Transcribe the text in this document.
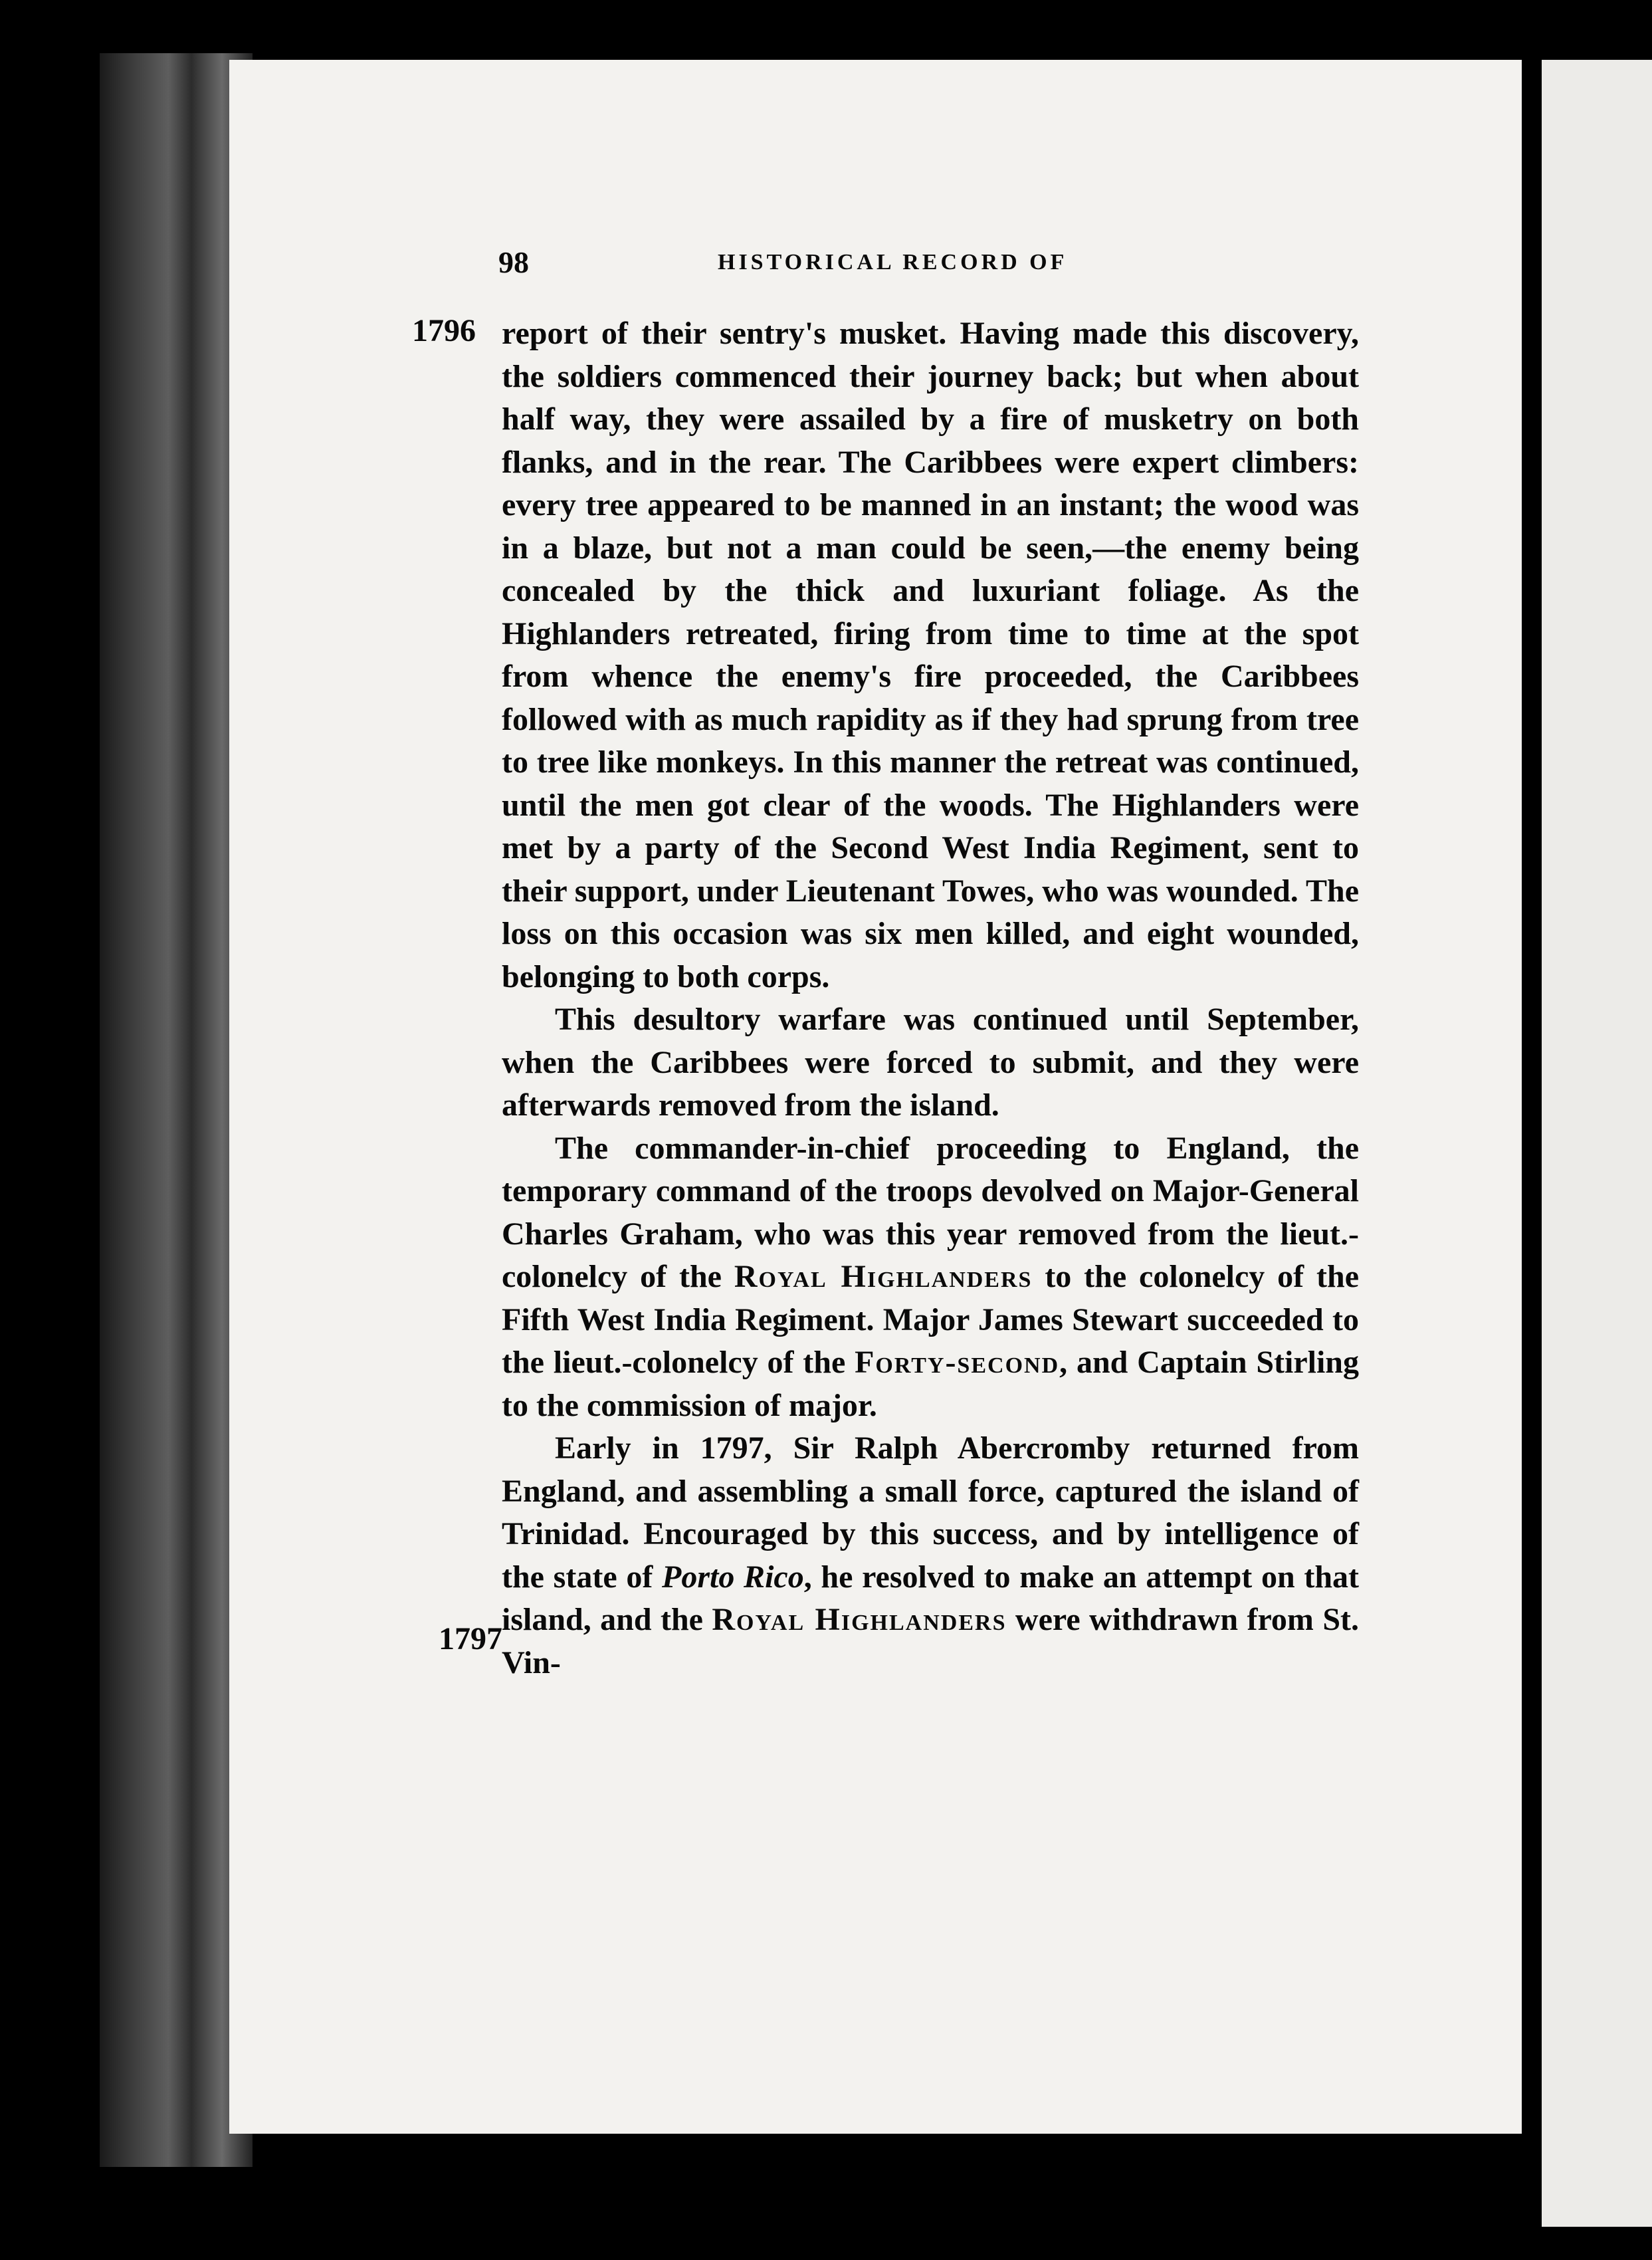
98	HISTORICAL RECORD OF
1796
1797

report of their sentry's musket. Having made this discovery, the soldiers commenced their journey back; but when about half way, they were assailed by a fire of musketry on both flanks, and in the rear. The Caribbees were expert climbers: every tree appeared to be manned in an instant; the wood was in a blaze, but not a man could be seen,—the enemy being concealed by the thick and luxuriant foliage. As the Highlanders retreated, firing from time to time at the spot from whence the enemy's fire proceeded, the Caribbees followed with as much rapidity as if they had sprung from tree to tree like monkeys. In this manner the retreat was continued, until the men got clear of the woods. The Highlanders were met by a party of the Second West India Regiment, sent to their support, under Lieutenant Towes, who was wounded. The loss on this occasion was six men killed, and eight wounded, belonging to both corps.

This desultory warfare was continued until September, when the Caribbees were forced to submit, and they were afterwards removed from the island.

The commander-in-chief proceeding to England, the temporary command of the troops devolved on Major-General Charles Graham, who was this year removed from the lieut.-colonelcy of the Royal Highlanders to the colonelcy of the Fifth West India Regiment. Major James Stewart succeeded to the lieut.-colonelcy of the Forty-second, and Captain Stirling to the commission of major.

Early in 1797, Sir Ralph Abercromby returned from England, and assembling a small force, captured the island of Trinidad. Encouraged by this success, and by intelligence of the state of Porto Rico, he resolved to make an attempt on that island, and the Royal Highlanders were withdrawn from St. Vin-
